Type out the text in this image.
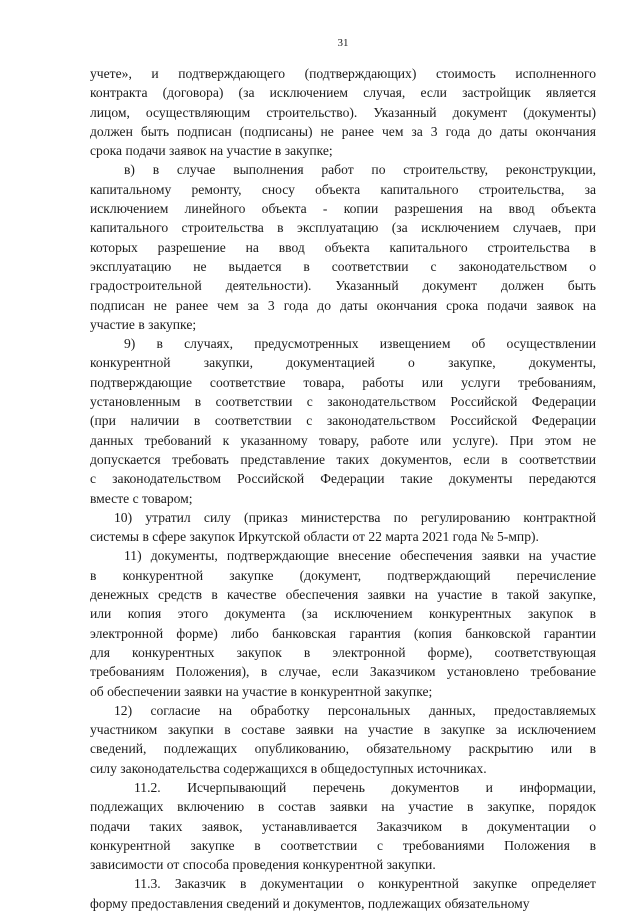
31
учете», и подтверждающего (подтверждающих) стоимость исполненного
контракта (договора) (за исключением случая, если застройщик является
лицом, осуществляющим строительство). Указанный документ (документы)
должен быть подписан (подписаны) не ранее чем за 3 года до даты окончания
срока подачи заявок на участие в закупке;
в) в случае выполнения работ по строительству, реконструкции,
капитальному ремонту, сносу объекта капитального строительства, за
исключением линейного объекта - копии разрешения на ввод объекта
капитального строительства в эксплуатацию (за исключением случаев, при
которых разрешение на ввод объекта капитального строительства в
эксплуатацию не выдается в соответствии с законодательством о
градостроительной деятельности). Указанный документ должен быть
подписан не ранее чем за 3 года до даты окончания срока подачи заявок на
участие в закупке;
9) в случаях, предусмотренных извещением об осуществлении
конкурентной закупки, документацией о закупке, документы,
подтверждающие соответствие товара, работы или услуги требованиям,
установленным в соответствии с законодательством Российской Федерации
(при наличии в соответствии с законодательством Российской Федерации
данных требований к указанному товару, работе или услуге). При этом не
допускается требовать представление таких документов, если в соответствии
с законодательством Российской Федерации такие документы передаются
вместе с товаром;
10) утратил силу (приказ министерства по регулированию контрактной
системы в сфере закупок Иркутской области от 22 марта 2021 года № 5-мпр).
11) документы, подтверждающие внесение обеспечения заявки на участие
в конкурентной закупке (документ, подтверждающий перечисление
денежных средств в качестве обеспечения заявки на участие в такой закупке,
или копия этого документа (за исключением конкурентных закупок в
электронной форме) либо банковская гарантия (копия банковской гарантии
для конкурентных закупок в электронной форме), соответствующая
требованиям Положения), в случае, если Заказчиком установлено требование
об обеспечении заявки на участие в конкурентной закупке;
12) согласие на обработку персональных данных, предоставляемых
участником закупки в составе заявки на участие в закупке за исключением
сведений, подлежащих опубликованию, обязательному раскрытию или в
силу законодательства содержащихся в общедоступных источниках.
11.2. Исчерпывающий перечень документов и информации,
подлежащих включению в состав заявки на участие в закупке, порядок
подачи таких заявок, устанавливается Заказчиком в документации о
конкурентной закупке в соответствии с требованиями Положения в
зависимости от способа проведения конкурентной закупки.
11.3. Заказчик в документации о конкурентной закупке определяет
форму предоставления сведений и документов, подлежащих обязательному
